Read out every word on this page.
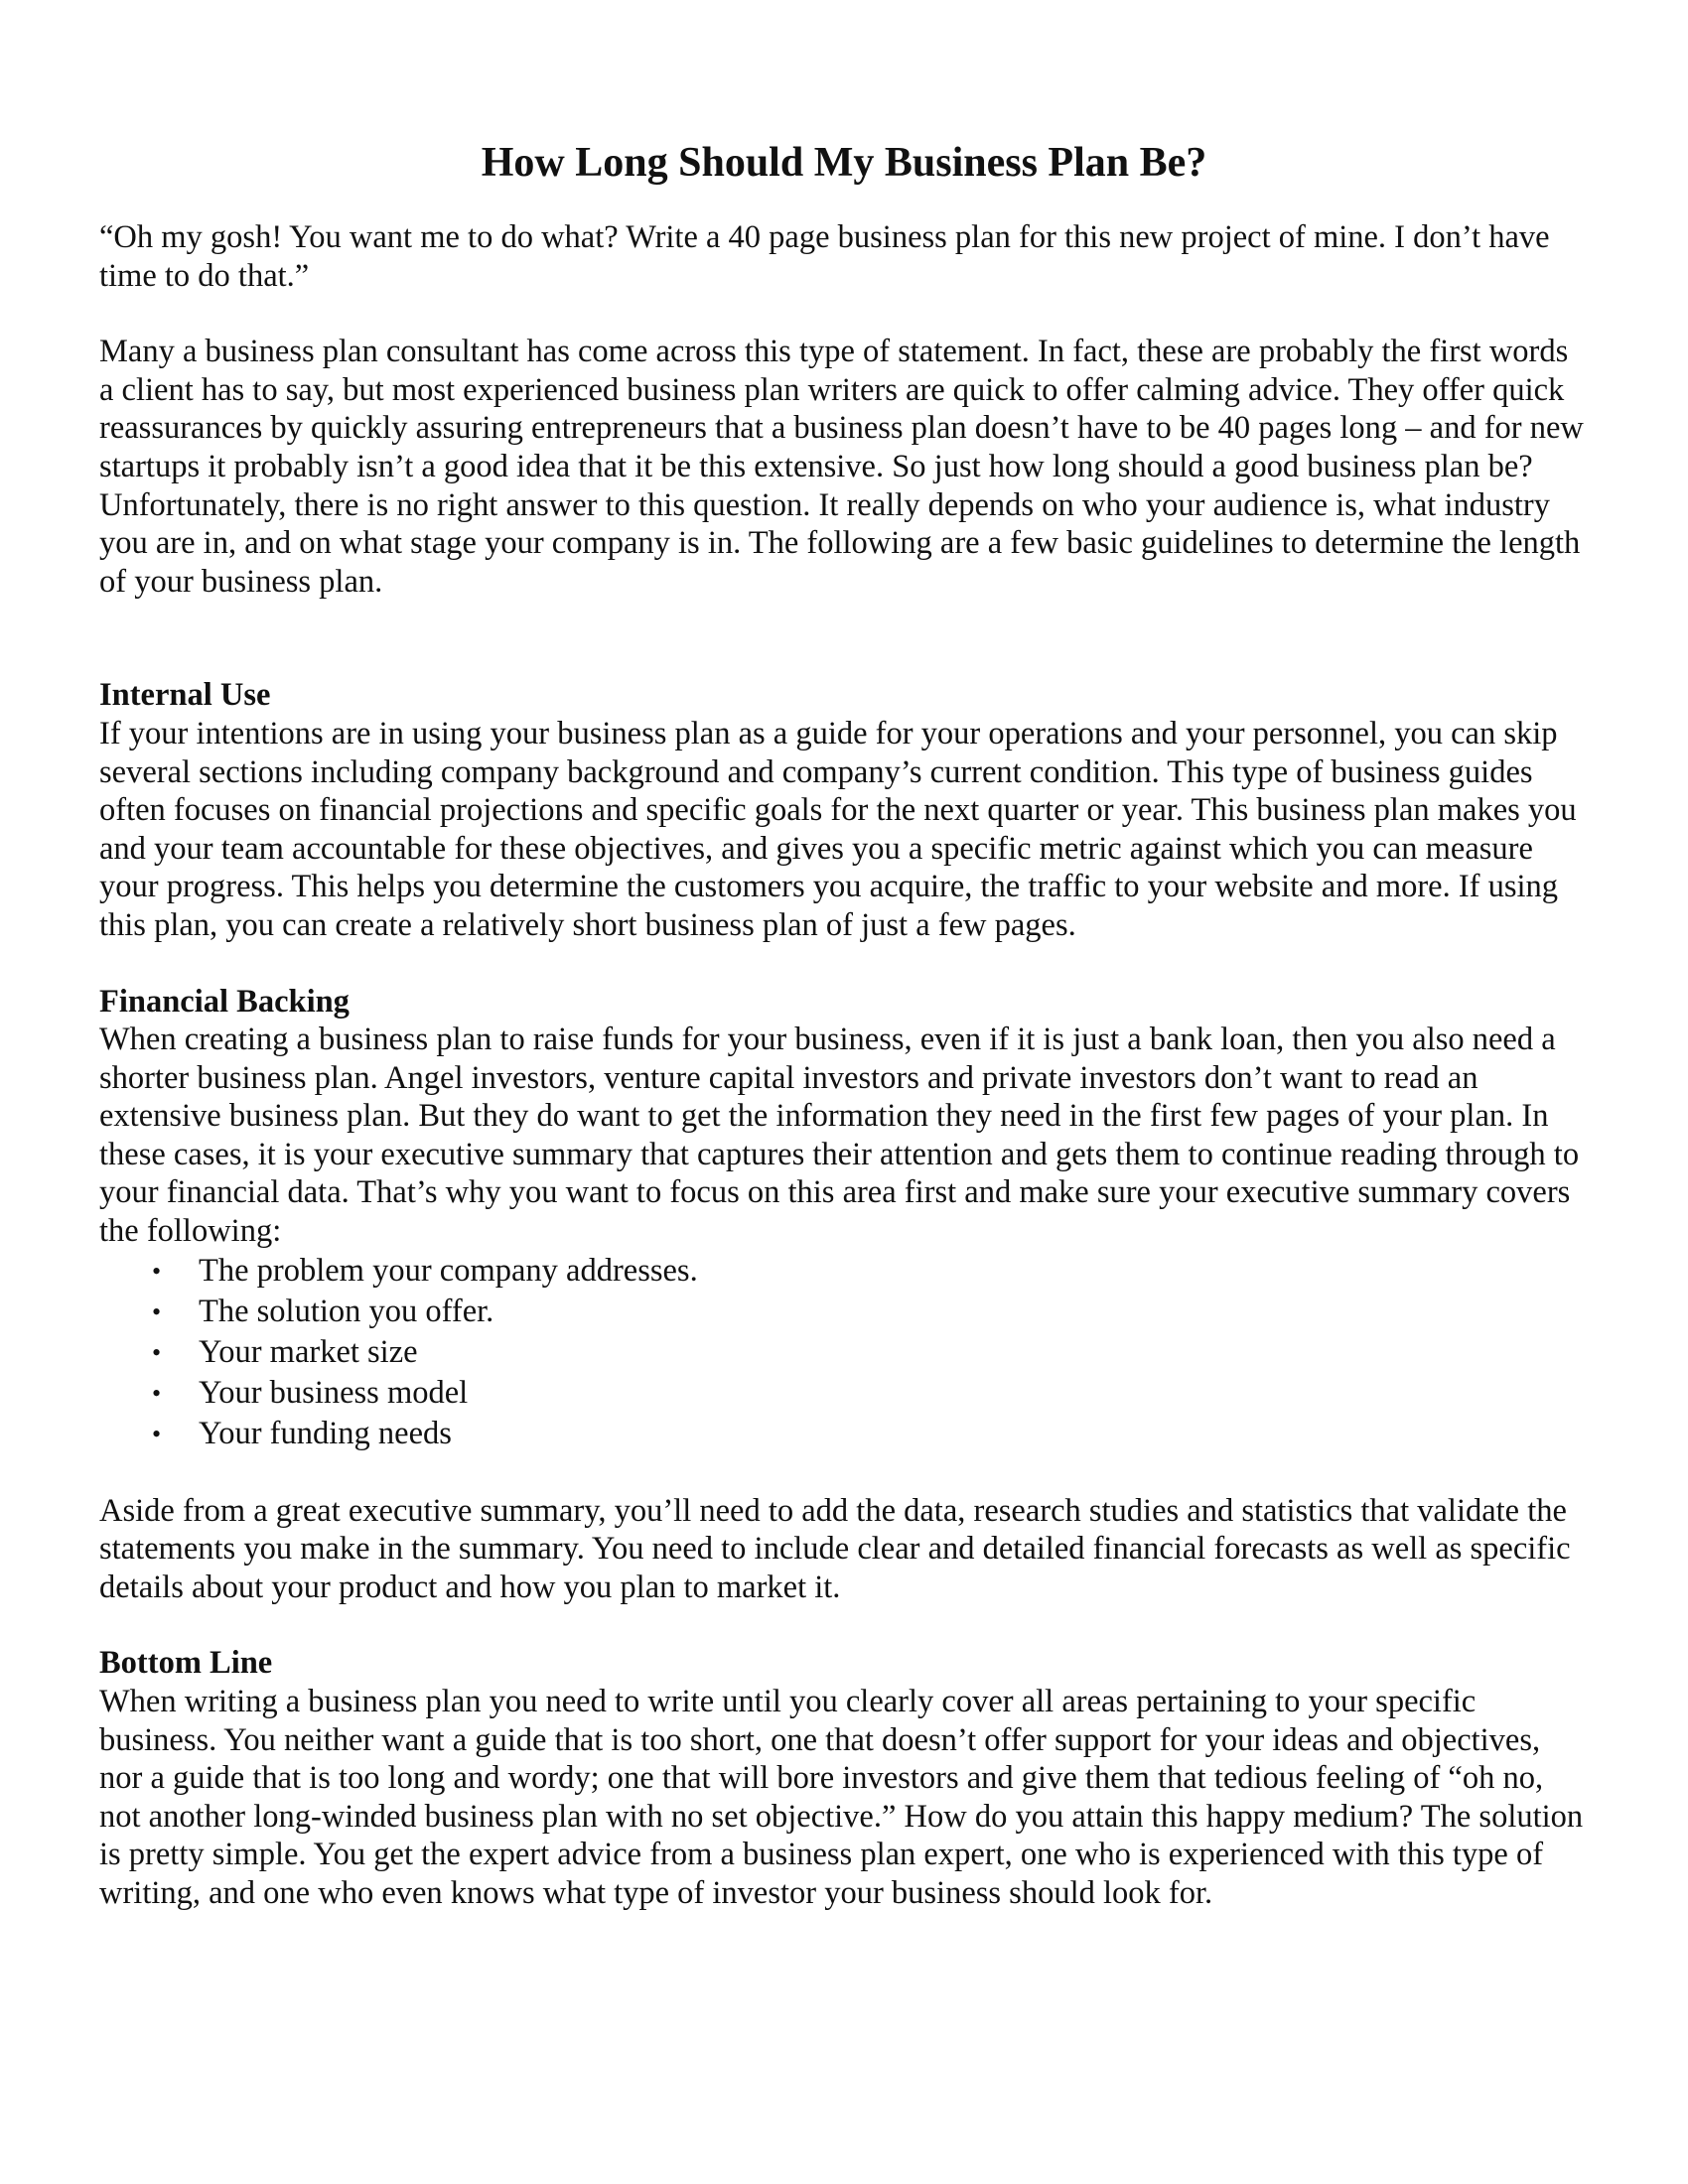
How Long Should My Business Plan Be?

“Oh my gosh! You want me to do what? Write a 40 page business plan for this new project of mine. I don’t have time to do that.”

Many a business plan consultant has come across this type of statement. In fact, these are probably the first words a client has to say, but most experienced business plan writers are quick to offer calming advice. They offer quick reassurances by quickly assuring entrepreneurs that a business plan doesn’t have to be 40 pages long – and for new startups it probably isn’t a good idea that it be this extensive. So just how long should a good business plan be? Unfortunately, there is no right answer to this question. It really depends on who your audience is, what industry you are in, and on what stage your company is in. The following are a few basic guidelines to determine the length of your business plan.

Internal Use

If your intentions are in using your business plan as a guide for your operations and your personnel, you can skip several sections including company background and company’s current condition. This type of business guides often focuses on financial projections and specific goals for the next quarter or year. This business plan makes you and your team accountable for these objectives, and gives you a specific metric against which you can measure your progress. This helps you determine the customers you acquire, the traffic to your website and more. If using this plan, you can create a relatively short business plan of just a few pages.

Financial Backing

When creating a business plan to raise funds for your business, even if it is just a bank loan, then you also need a shorter business plan. Angel investors, venture capital investors and private investors don’t want to read an extensive business plan. But they do want to get the information they need in the first few pages of your plan. In these cases, it is your executive summary that captures their attention and gets them to continue reading through to your financial data. That’s why you want to focus on this area first and make sure your executive summary covers the following:

• The problem your company addresses.
• The solution you offer.
• Your market size
• Your business model
• Your funding needs

Aside from a great executive summary, you’ll need to add the data, research studies and statistics that validate the statements you make in the summary. You need to include clear and detailed financial forecasts as well as specific details about your product and how you plan to market it.

Bottom Line

When writing a business plan you need to write until you clearly cover all areas pertaining to your specific business. You neither want a guide that is too short, one that doesn’t offer support for your ideas and objectives, nor a guide that is too long and wordy; one that will bore investors and give them that tedious feeling of “oh no, not another long-winded business plan with no set objective.” How do you attain this happy medium? The solution is pretty simple. You get the expert advice from a business plan expert, one who is experienced with this type of writing, and one who even knows what type of investor your business should look for.
